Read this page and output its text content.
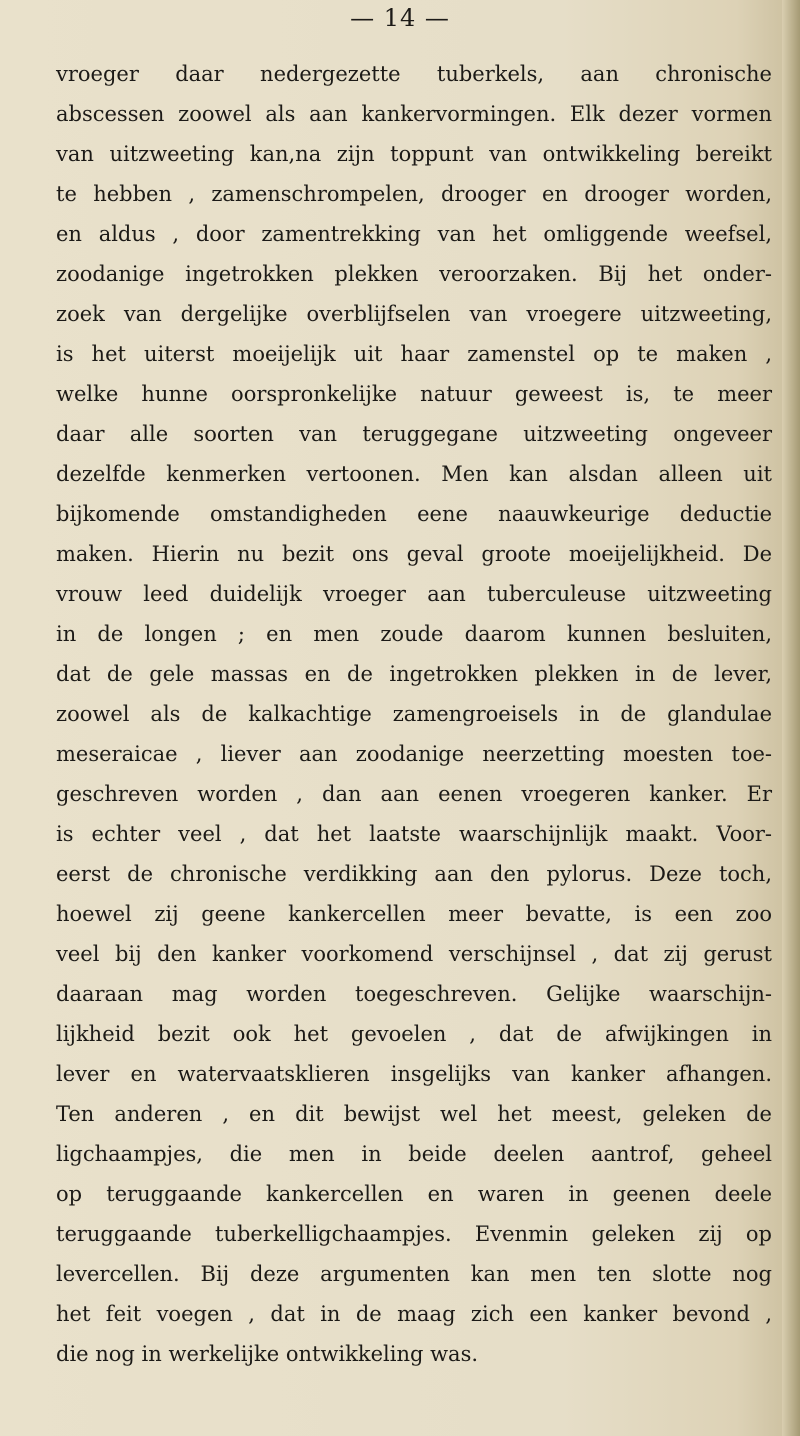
— 14 —
vroeger daar nedergezette tuberkels, aan chronische
abscessen zoowel als aan kankervormingen. Elk dezer vormen
van uitzweeting kan,na zijn toppunt van ontwikkeling bereikt
te hebben , zamenschrompelen, drooger en drooger worden,
en aldus , door zamentrekking van het omliggende weefsel,
zoodanige ingetrokken plekken veroorzaken. Bij het onder-
zoek van dergelijke overblijfselen van vroegere uitzweeting,
is het uiterst moeijelijk uit haar zamenstel op te maken ,
welke hunne oorspronkelijke natuur geweest is, te meer
daar alle soorten van teruggegane uitzweeting ongeveer
dezelfde kenmerken vertoonen. Men kan alsdan alleen uit
bijkomende omstandigheden eene naauwkeurige deductie
maken. Hierin nu bezit ons geval groote moeijelijkheid. De
vrouw leed duidelijk vroeger aan tuberculeuse uitzweeting
in de longen ; en men zoude daarom kunnen besluiten,
dat de gele massas en de ingetrokken plekken in de lever,
zoowel als de kalkachtige zamengroeisels in de glandulae
meseraicae , liever aan zoodanige neerzetting moesten toe-
geschreven worden , dan aan eenen vroegeren kanker. Er
is echter veel , dat het laatste waarschijnlijk maakt. Voor-
eerst de chronische verdikking aan den pylorus. Deze toch,
hoewel zij geene kankercellen meer bevatte, is een zoo
veel bij den kanker voorkomend verschijnsel , dat zij gerust
daaraan mag worden toegeschreven. Gelijke waarschijn-
lijkheid bezit ook het gevoelen , dat de afwijkingen in
lever en watervaatsklieren insgelijks van kanker afhangen.
Ten anderen , en dit bewijst wel het meest, geleken de
ligchaampjes, die men in beide deelen aantrof, geheel
op teruggaande kankercellen en waren in geenen deele
teruggaande tuberkelligchaampjes. Evenmin geleken zij op
levercellen. Bij deze argumenten kan men ten slotte nog
het feit voegen , dat in de maag zich een kanker bevond ,
die nog in werkelijke ontwikkeling was.
